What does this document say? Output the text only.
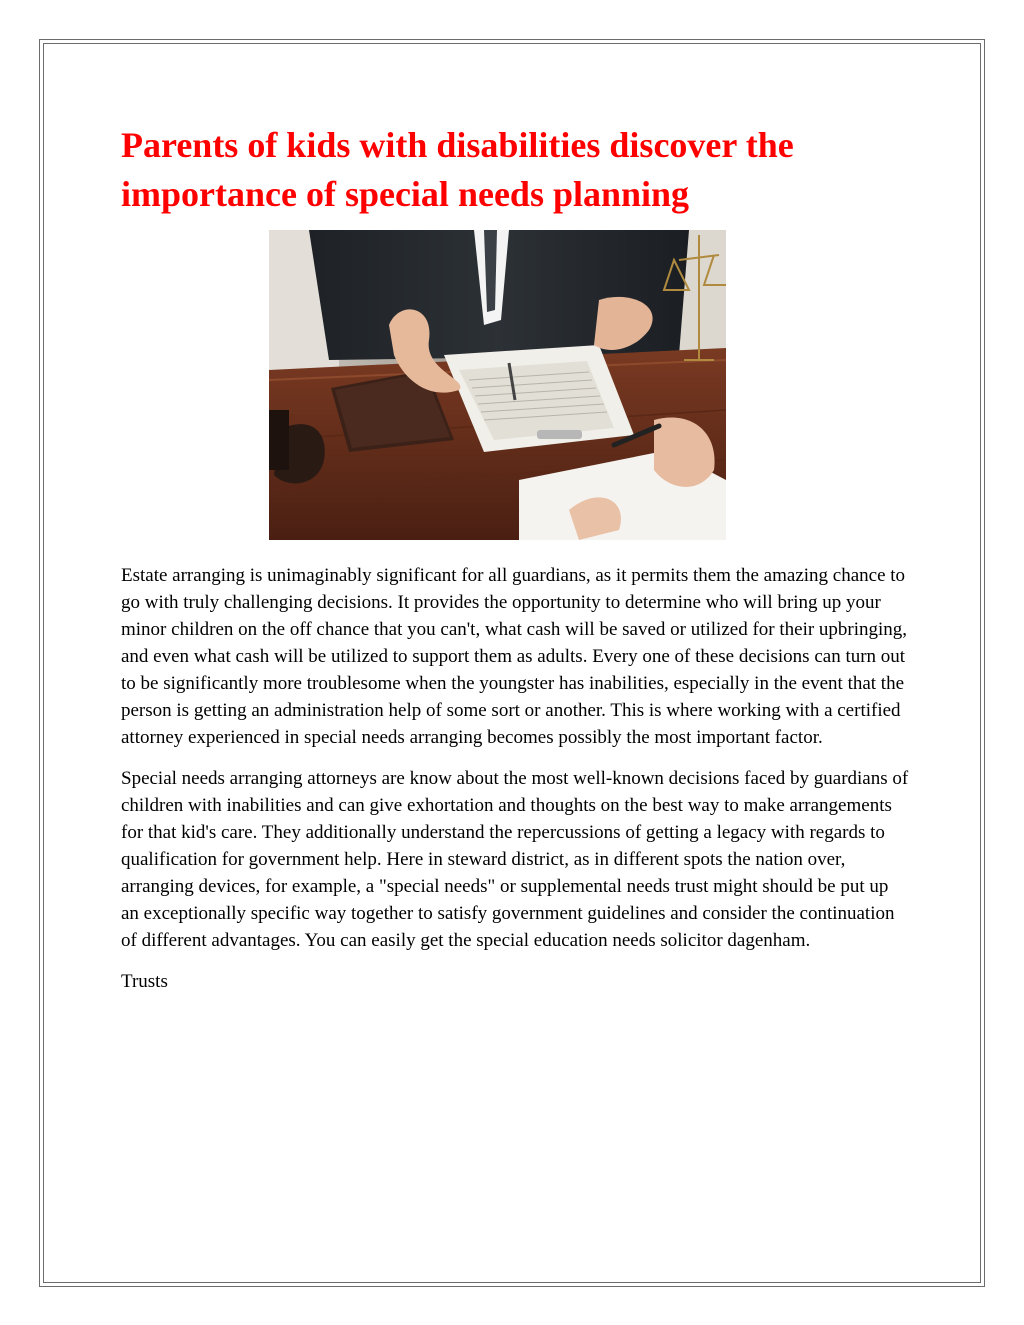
Parents of kids with disabilities discover the importance of special needs planning

Estate arranging is unimaginably significant for all guardians, as it permits them the amazing chance to go with truly challenging decisions. It provides the opportunity to determine who will bring up your minor children on the off chance that you can't, what cash will be saved or utilized for their upbringing, and even what cash will be utilized to support them as adults. Every one of these decisions can turn out to be significantly more troublesome when the youngster has inabilities, especially in the event that the person is getting an administration help of some sort or another. This is where working with a certified attorney experienced in special needs arranging becomes possibly the most important factor.

Special needs arranging attorneys are know about the most well-known decisions faced by guardians of children with inabilities and can give exhortation and thoughts on the best way to make arrangements for that kid's care. They additionally understand the repercussions of getting a legacy with regards to qualification for government help. Here in steward district, as in different spots the nation over, arranging devices, for example, a "special needs" or supplemental needs trust might should be put up an exceptionally specific way together to satisfy government guidelines and consider the continuation of different advantages. You can easily get the special education needs solicitor dagenham.

Trusts
